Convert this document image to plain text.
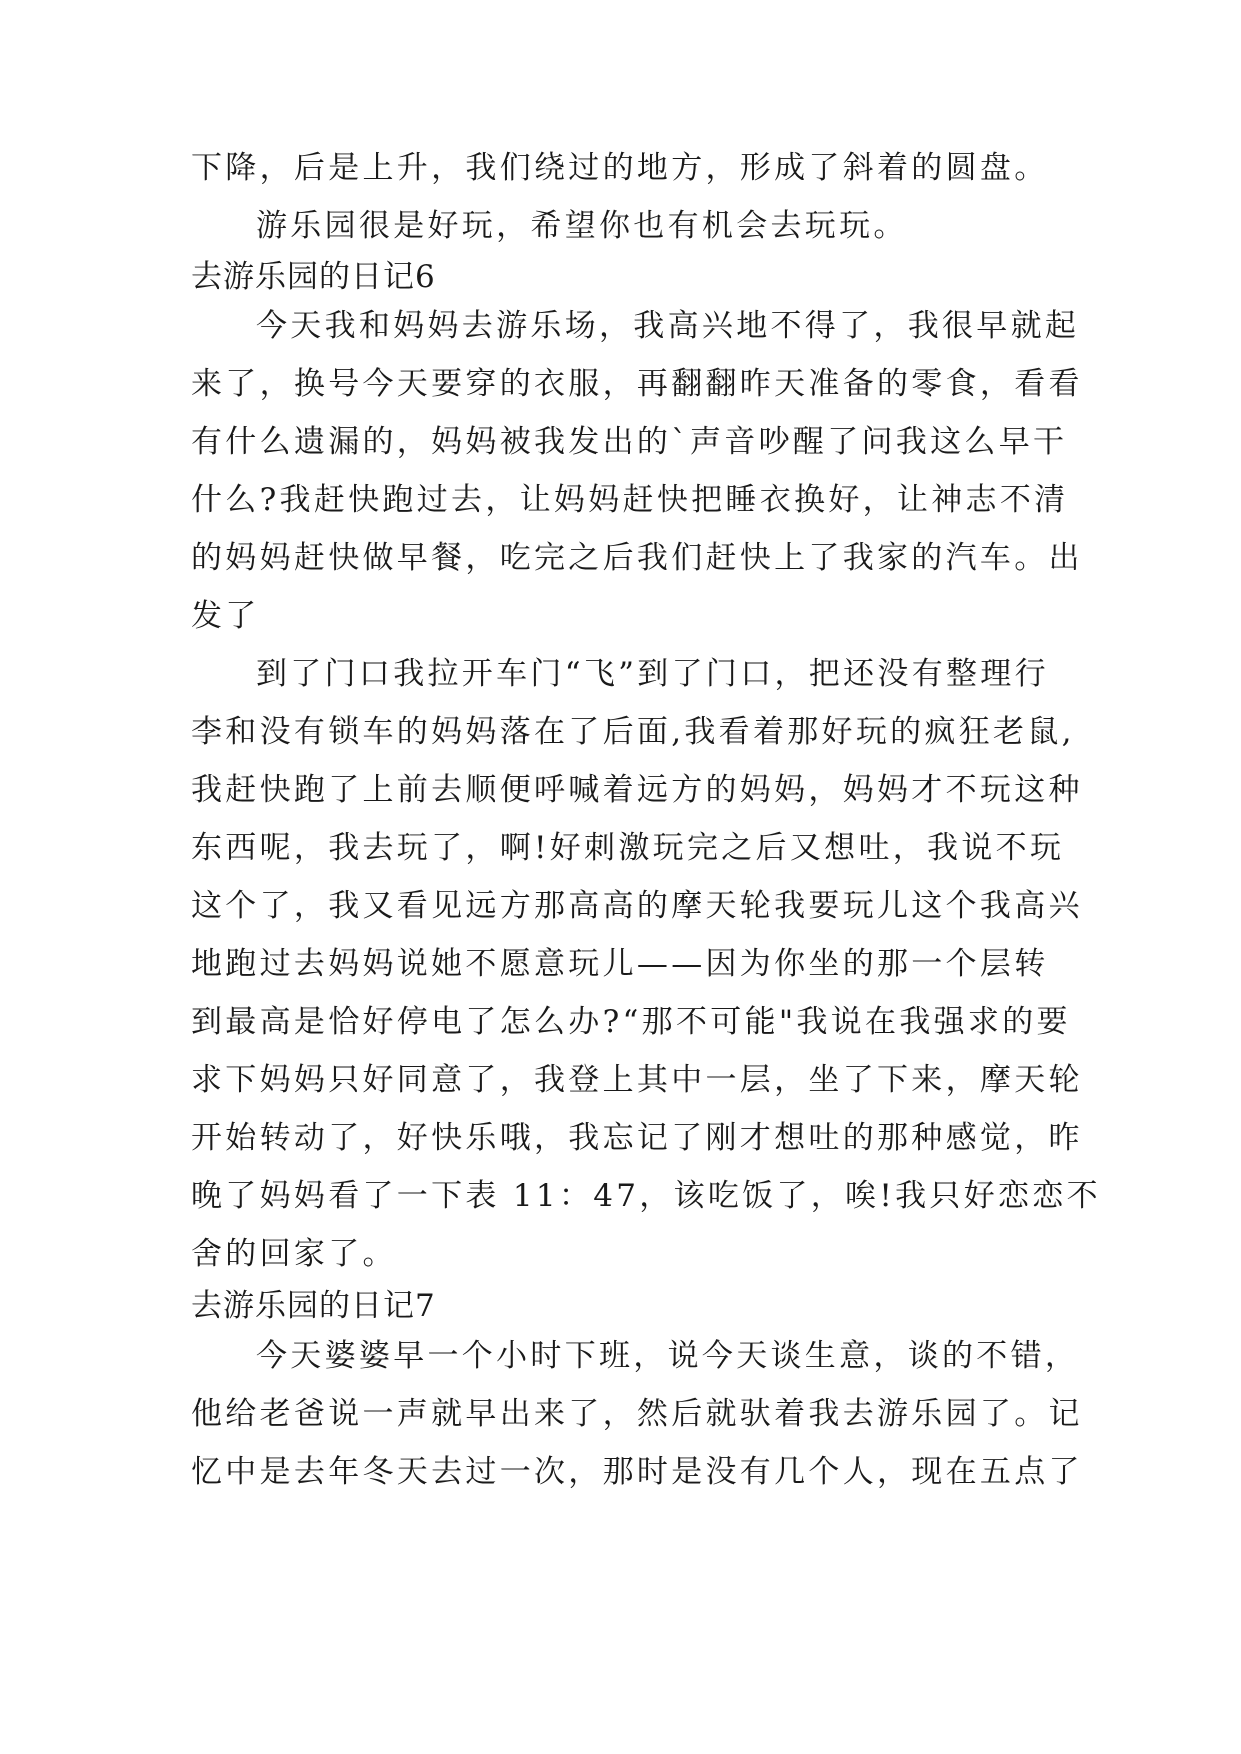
下降，后是上升，我们绕过的地方，形成了斜着的圆盘。
游乐园很是好玩，希望你也有机会去玩玩。
去游乐园的日记6
今天我和妈妈去游乐场，我高兴地不得了，我很早就起
来了，换号今天要穿的衣服，再翻翻昨天准备的零食，看看
有什么遗漏的，妈妈被我发出的`声音吵醒了问我这么早干
什么?我赶快跑过去，让妈妈赶快把睡衣换好，让神志不清
的妈妈赶快做早餐，吃完之后我们赶快上了我家的汽车。出
发了
到了门口我拉开车门“飞”到了门口，把还没有整理行
李和没有锁车的妈妈落在了后面,我看着那好玩的疯狂老鼠,
我赶快跑了上前去顺便呼喊着远方的妈妈，妈妈才不玩这种
东西呢，我去玩了，啊!好刺激玩完之后又想吐，我说不玩
这个了，我又看见远方那高高的摩天轮我要玩儿这个我高兴
地跑过去妈妈说她不愿意玩儿——因为你坐的那一个层转
到最高是恰好停电了怎么办?“那不可能"我说在我强求的要
求下妈妈只好同意了，我登上其中一层，坐了下来，摩天轮
开始转动了，好快乐哦，我忘记了刚才想吐的那种感觉，昨
晚了妈妈看了一下表 11：47，该吃饭了，唉!我只好恋恋不
舍的回家了。
去游乐园的日记7
今天婆婆早一个小时下班，说今天谈生意，谈的不错，
他给老爸说一声就早出来了，然后就驮着我去游乐园了。记
忆中是去年冬天去过一次，那时是没有几个人，现在五点了
